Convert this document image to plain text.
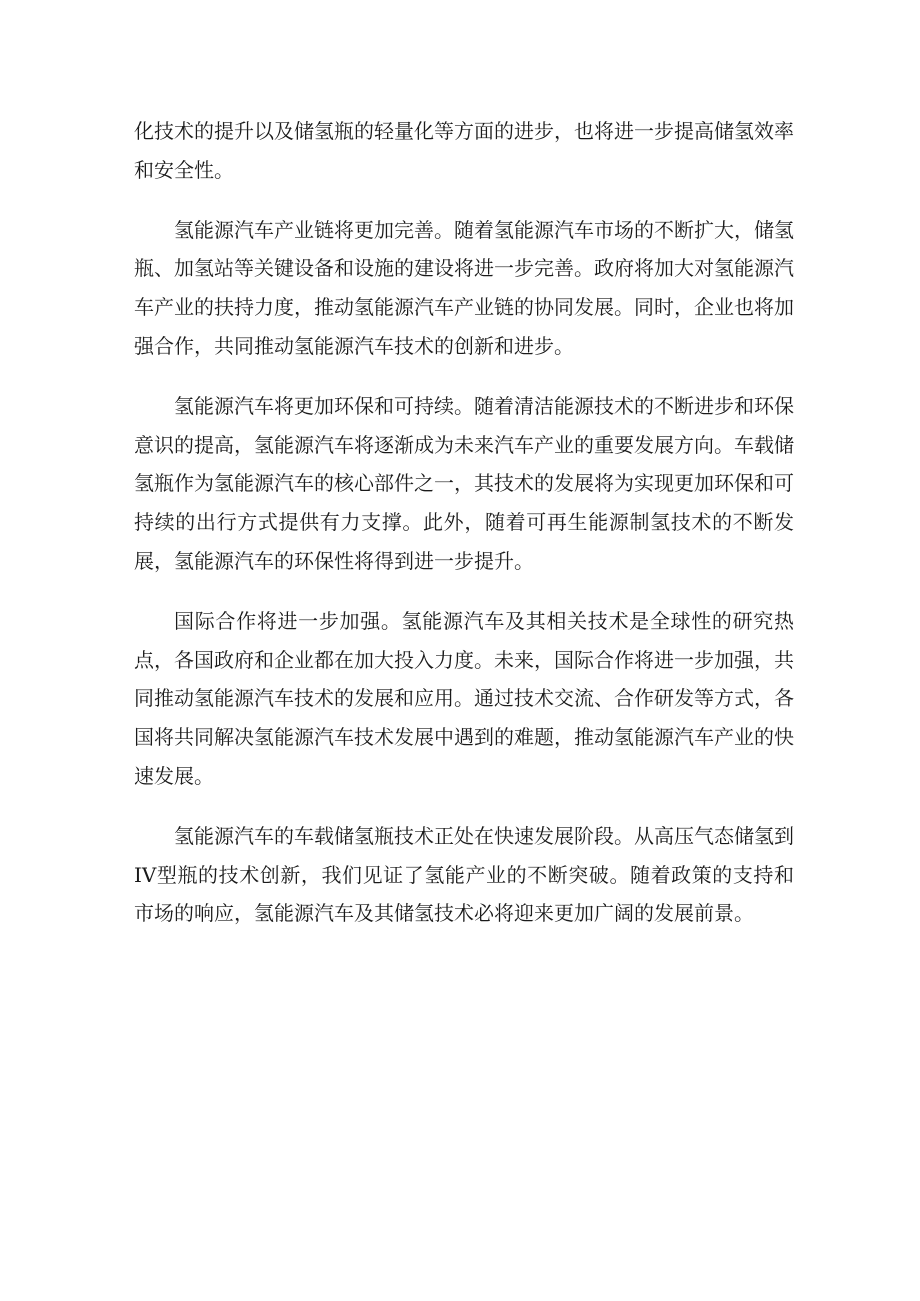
化技术的提升以及储氢瓶的轻量化等方面的进步，也将进一步提高储氢效率和安全性。

氢能源汽车产业链将更加完善。随着氢能源汽车市场的不断扩大，储氢瓶、加氢站等关键设备和设施的建设将进一步完善。政府将加大对氢能源汽车产业的扶持力度，推动氢能源汽车产业链的协同发展。同时，企业也将加强合作，共同推动氢能源汽车技术的创新和进步。

氢能源汽车将更加环保和可持续。随着清洁能源技术的不断进步和环保意识的提高，氢能源汽车将逐渐成为未来汽车产业的重要发展方向。车载储氢瓶作为氢能源汽车的核心部件之一，其技术的发展将为实现更加环保和可持续的出行方式提供有力支撑。此外，随着可再生能源制氢技术的不断发展，氢能源汽车的环保性将得到进一步提升。

国际合作将进一步加强。氢能源汽车及其相关技术是全球性的研究热点，各国政府和企业都在加大投入力度。未来，国际合作将进一步加强，共同推动氢能源汽车技术的发展和应用。通过技术交流、合作研发等方式，各国将共同解决氢能源汽车技术发展中遇到的难题，推动氢能源汽车产业的快速发展。

氢能源汽车的车载储氢瓶技术正处在快速发展阶段。从高压气态储氢到IV型瓶的技术创新，我们见证了氢能产业的不断突破。随着政策的支持和市场的响应，氢能源汽车及其储氢技术必将迎来更加广阔的发展前景。
